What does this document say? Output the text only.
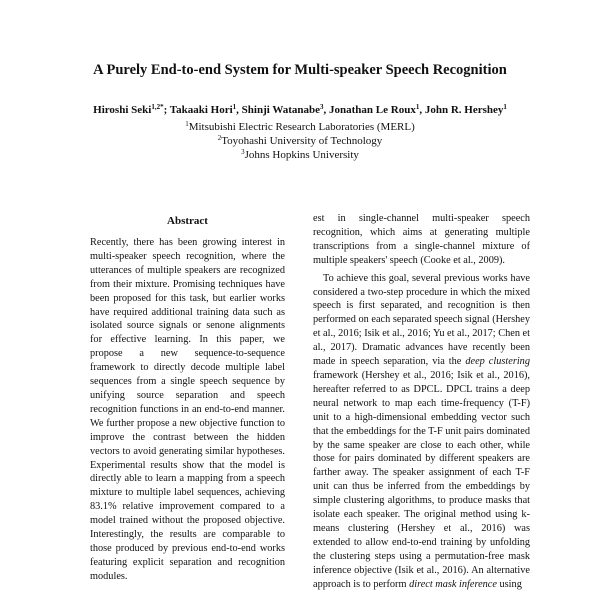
A Purely End-to-end System for Multi-speaker Speech Recognition
Hiroshi Seki$^{1,2*}$; Takaaki Hori$^1$, Shinji Watanabe$^3$, Jonathan Le Roux$^1$, John R. Hershey$^1$
$^1$Mitsubishi Electric Research Laboratories (MERL)
$^2$Toyohashi University of Technology
$^3$Johns Hopkins University
Abstract
Recently, there has been growing interest in multi-speaker speech recognition, where the utterances of multiple speakers are recognized from their mixture. Promising techniques have been proposed for this task, but earlier works have required additional training data such as isolated source signals or senone alignments for effective learning. In this paper, we propose a new sequence-to-sequence framework to directly decode multiple label sequences from a single speech sequence by unifying source separation and speech recognition functions in an end-to-end manner. We further propose a new objective function to improve the contrast between the hidden vectors to avoid generating similar hypotheses. Experimental results show that the model is directly able to learn a mapping from a speech mixture to multiple label sequences, achieving 83.1% relative improvement compared to a model trained without the proposed objective. Interestingly, the results are comparable to those produced by previous end-to-end works featuring explicit separation and recognition modules.

est in single-channel multi-speaker speech recognition, which aims at generating multiple transcriptions from a single-channel mixture of multiple speakers' speech (Cooke et al., 2009).

To achieve this goal, several previous works have considered a two-step procedure in which the mixed speech is first separated, and recognition is then performed on each separated speech signal (Hershey et al., 2016; Isik et al., 2016; Yu et al., 2017; Chen et al., 2017). Dramatic advances have recently been made in speech separation, via the deep clustering framework (Hershey et al., 2016; Isik et al., 2016), hereafter referred to as DPCL. DPCL trains a deep neural network to map each time-frequency (T-F) unit to a high-dimensional embedding vector such that the embeddings for the T-F unit pairs dominated by the same speaker are close to each other, while those for pairs dominated by different speakers are farther away. The speaker assignment of each T-F unit can thus be inferred from the embeddings by simple clustering algorithms, to produce masks that isolate each speaker. The original method using k-means clustering (Hershey et al., 2016) was extended to allow end-to-end training by unfolding the clustering steps using a permutation-free mask inference objective (Isik et al., 2016). An alternative approach is to perform direct mask inference using
